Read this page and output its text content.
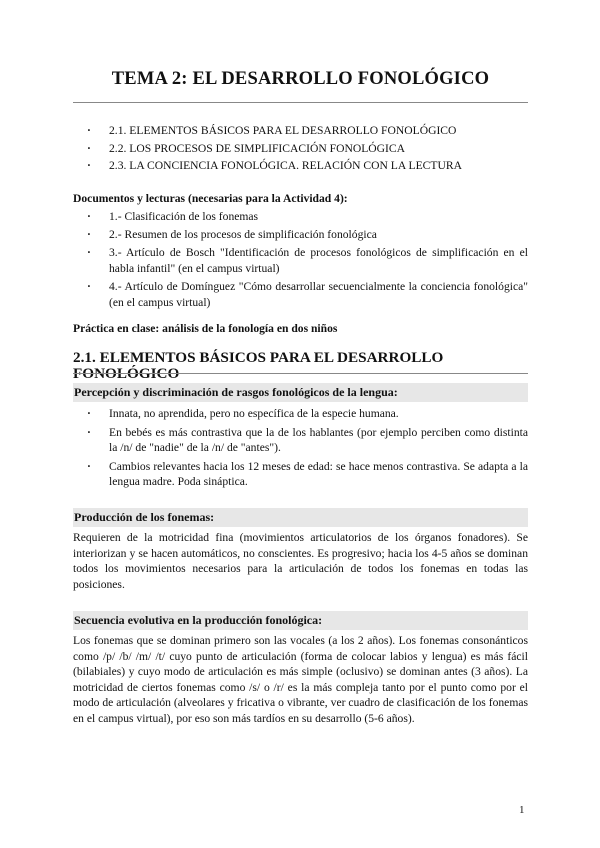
TEMA 2: EL DESARROLLO FONOLÓGICO
· 2.1. ELEMENTOS BÁSICOS PARA EL DESARROLLO FONOLÓGICO
· 2.2. LOS PROCESOS DE SIMPLIFICACIÓN FONOLÓGICA
· 2.3. LA CONCIENCIA FONOLÓGICA. RELACIÓN CON LA LECTURA
Documentos y lecturas (necesarias para la Actividad 4):
· 1.- Clasificación de los fonemas
· 2.- Resumen de los procesos de simplificación fonológica
· 3.- Artículo de Bosch "Identificación de procesos fonológicos de simplificación en el habla infantil" (en el campus virtual)
· 4.- Artículo de Domínguez "Cómo desarrollar secuencialmente la conciencia fonológica" (en el campus virtual)
Práctica en clase: análisis de la fonología en dos niños
2.1. ELEMENTOS BÁSICOS PARA EL DESARROLLO FONOLÓGICO
Percepción y discriminación de rasgos fonológicos de la lengua:
· Innata, no aprendida, pero no específica de la especie humana.
· En bebés es más contrastiva que la de los hablantes (por ejemplo perciben como distinta la /n/ de "nadie" de la /n/ de "antes").
· Cambios relevantes hacia los 12 meses de edad: se hace menos contrastiva. Se adapta a la lengua madre. Poda sináptica.
Producción de los fonemas:
Requieren de la motricidad fina (movimientos articulatorios de los órganos fonadores). Se interiorizan y se hacen automáticos, no conscientes. Es progresivo; hacia los 4-5 años se dominan todos los movimientos necesarios para la articulación de todos los fonemas en todas las posiciones.
Secuencia evolutiva en la producción fonológica:
Los fonemas que se dominan primero son las vocales (a los 2 años). Los fonemas consonánticos como /p/ /b/ /m/ /t/ cuyo punto de articulación (forma de colocar labios y lengua) es más fácil (bilabiales) y cuyo modo de articulación es más simple (oclusivo) se dominan antes (3 años). La motricidad de ciertos fonemas como /s/ o /r/ es la más compleja tanto por el punto como por el modo de articulación (alveolares y fricativa o vibrante, ver cuadro de clasificación de los fonemas en el campus virtual), por eso son más tardíos en su desarrollo (5-6 años).
1
